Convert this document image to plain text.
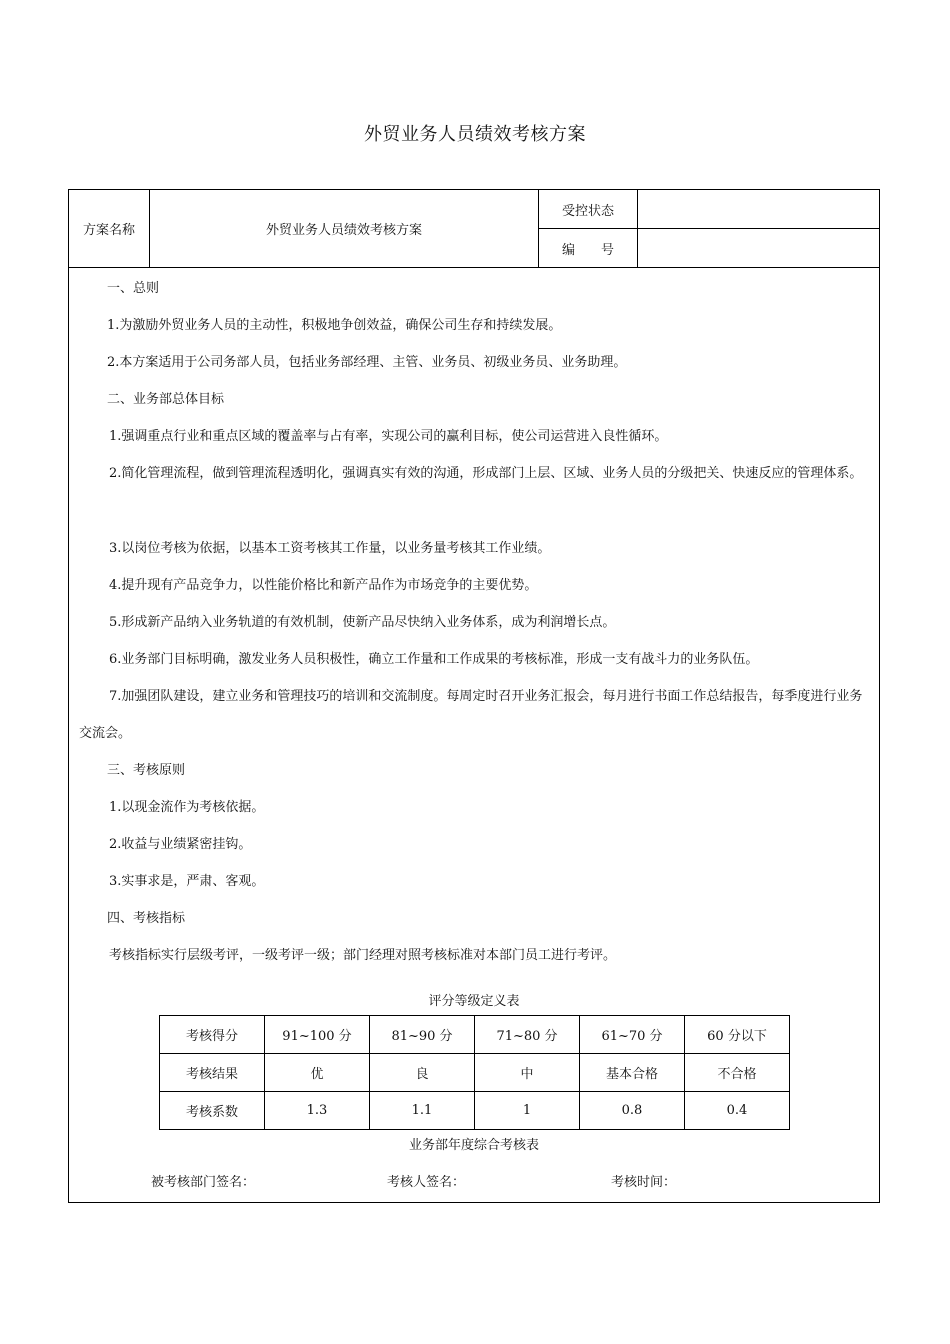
外贸业务人员绩效考核方案
方案名称	外贸业务人员绩效考核方案
受控状态
编　　号
一、总则
1.为激励外贸业务人员的主动性，积极地争创效益，确保公司生存和持续发展。
2.本方案适用于公司务部人员，包括业务部经理、主管、业务员、初级业务员、业务助理。
二、业务部总体目标
1.强调重点行业和重点区域的覆盖率与占有率，实现公司的赢利目标，使公司运营进入良性循环。
2.简化管理流程，做到管理流程透明化，强调真实有效的沟通，形成部门上层、区域、业务人员的分级把关、快速反应的管理体系。
3.以岗位考核为依据，以基本工资考核其工作量，以业务量考核其工作业绩。
4.提升现有产品竞争力，以性能价格比和新产品作为市场竞争的主要优势。
5.形成新产品纳入业务轨道的有效机制，使新产品尽快纳入业务体系，成为利润增长点。
6.业务部门目标明确，激发业务人员积极性，确立工作量和工作成果的考核标准，形成一支有战斗力的业务队伍。
7.加强团队建设，建立业务和管理技巧的培训和交流制度。每周定时召开业务汇报会，每月进行书面工作总结报告，每季度进行业务交流会。
三、考核原则
1.以现金流作为考核依据。
2.收益与业绩紧密挂钩。
3.实事求是，严肃、客观。
四、考核指标
考核指标实行层级考评，一级考评一级；部门经理对照考核标准对本部门员工进行考评。
评分等级定义表
考核得分	91~100 分	81~90 分	71~80 分	61~70 分	60 分以下
考核结果	优	良	中	基本合格	不合格
考核系数	1.3	1.1	1	0.8	0.4
业务部年度综合考核表
被考核部门签名：	考核人签名：	考核时间：
